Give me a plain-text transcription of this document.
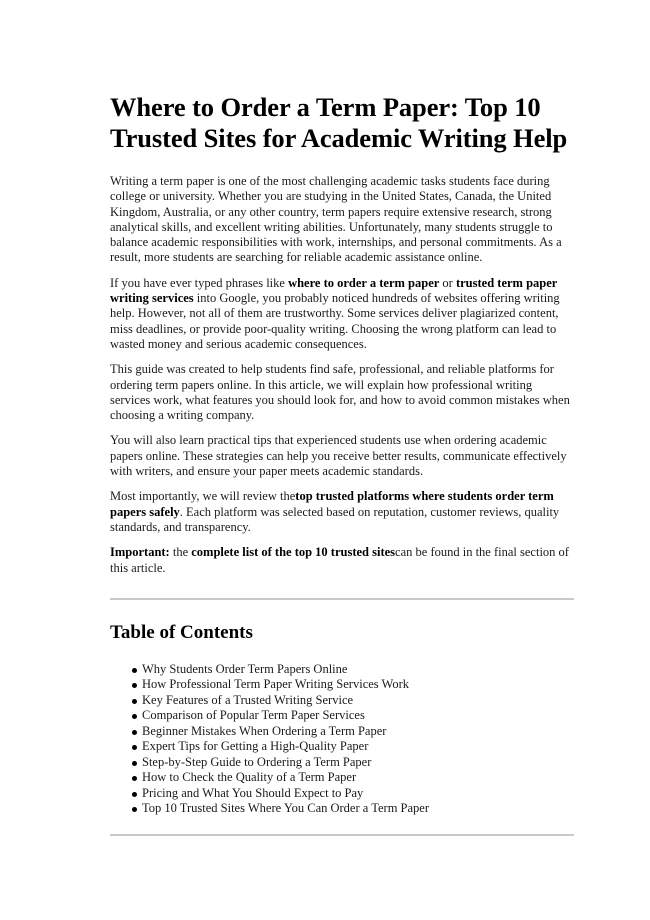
Where to Order a Term Paper: Top 10 Trusted Sites for Academic Writing Help

Writing a term paper is one of the most challenging academic tasks students face during college or university. Whether you are studying in the United States, Canada, the United Kingdom, Australia, or any other country, term papers require extensive research, strong analytical skills, and excellent writing abilities. Unfortunately, many students struggle to balance academic responsibilities with work, internships, and personal commitments. As a result, more students are searching for reliable academic assistance online.

If you have ever typed phrases like where to order a term paper or trusted term paper writing services into Google, you probably noticed hundreds of websites offering writing help. However, not all of them are trustworthy. Some services deliver plagiarized content, miss deadlines, or provide poor-quality writing. Choosing the wrong platform can lead to wasted money and serious academic consequences.

This guide was created to help students find safe, professional, and reliable platforms for ordering term papers online. In this article, we will explain how professional writing services work, what features you should look for, and how to avoid common mistakes when choosing a writing company.

You will also learn practical tips that experienced students use when ordering academic papers online. These strategies can help you receive better results, communicate effectively with writers, and ensure your paper meets academic standards.

Most importantly, we will review thetop trusted platforms where students order term papers safely. Each platform was selected based on reputation, customer reviews, quality standards, and transparency.

Important: the complete list of the top 10 trusted sitescan be found in the final section of this article.

Table of Contents
Why Students Order Term Papers Online
How Professional Term Paper Writing Services Work
Key Features of a Trusted Writing Service
Comparison of Popular Term Paper Services
Beginner Mistakes When Ordering a Term Paper
Expert Tips for Getting a High-Quality Paper
Step-by-Step Guide to Ordering a Term Paper
How to Check the Quality of a Term Paper
Pricing and What You Should Expect to Pay
Top 10 Trusted Sites Where You Can Order a Term Paper
